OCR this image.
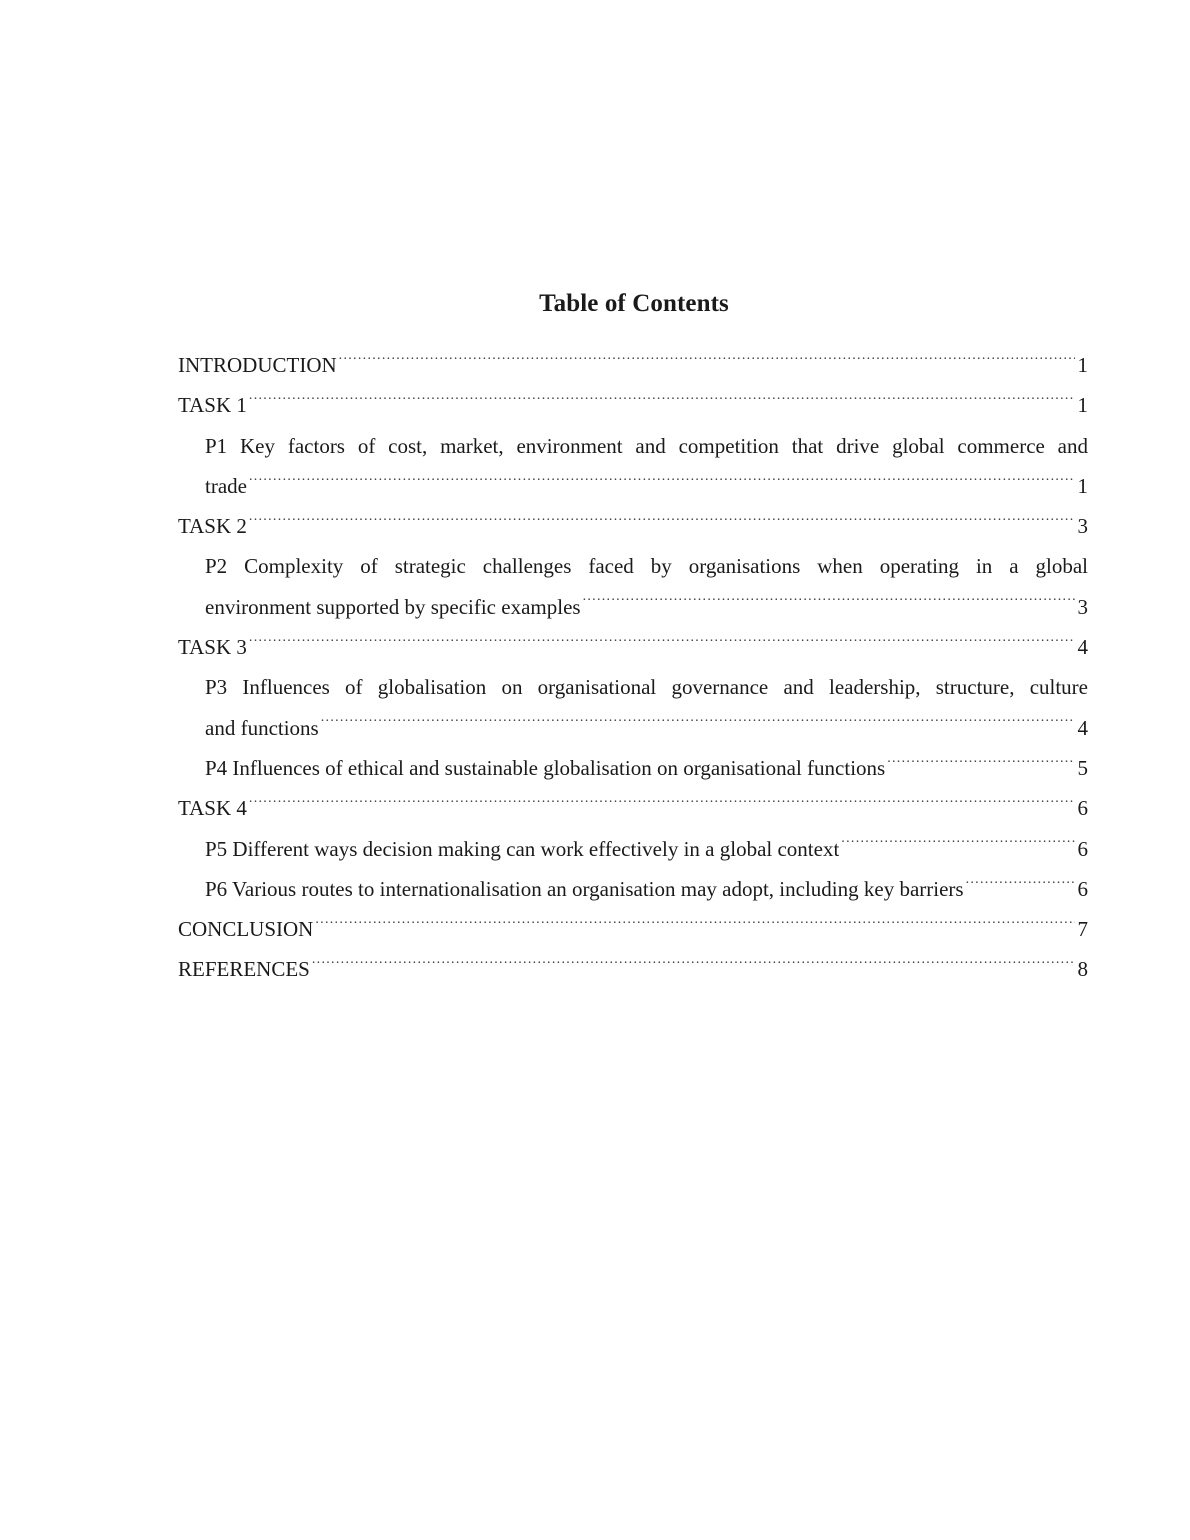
Table of Contents
INTRODUCTION .....	1
TASK 1 .....	1
P1 Key factors of cost, market, environment and competition that drive global commerce and
trade .....	1
TASK 2 .....	3
P2 Complexity of strategic challenges faced by organisations when operating in a global
environment supported by specific examples .....	3
TASK 3 .....	4
P3 Influences of globalisation on organisational governance and leadership, structure, culture
and functions .....	4
P4 Influences of ethical and sustainable globalisation on organisational functions .....	5
TASK 4 .....	6
P5 Different ways decision making can work effectively in a global context .....	6
P6 Various routes to internationalisation an organisation may adopt, including key barriers .....	6
CONCLUSION .....	7
REFERENCES .....	8
